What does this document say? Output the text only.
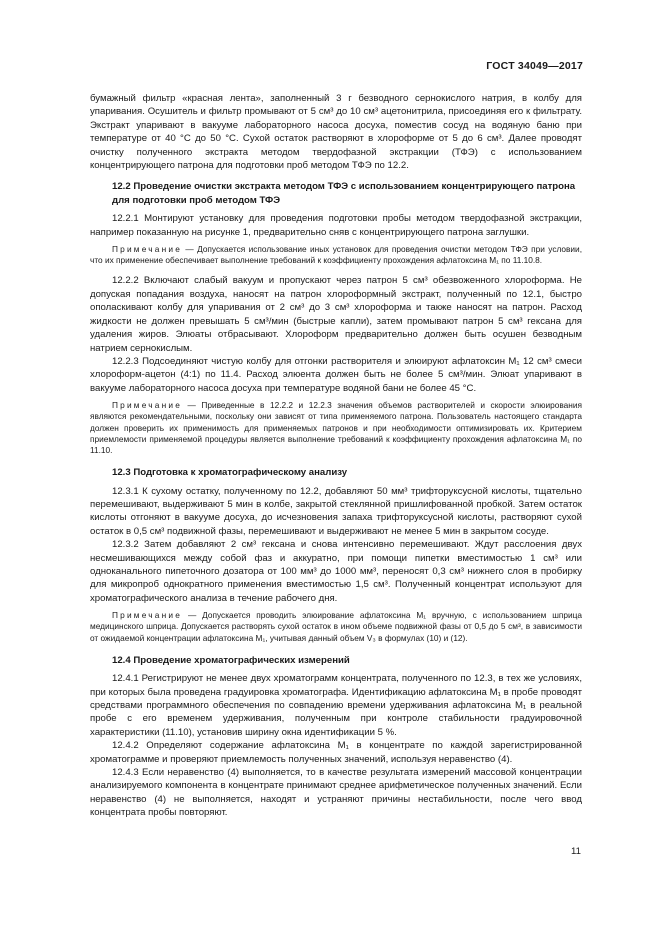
ГОСТ 34049—2017

бумажный фильтр «красная лента», заполненный 3 г безводного сернокислого натрия, в колбу для упаривания. Осушитель и фильтр промывают от 5 см³ до 10 см³ ацетонитрила, присоединяя его к фильтрату. Экстракт упаривают в вакууме лабораторного насоса досуха, поместив сосуд на водяную баню при температуре от 40 °С до 50 °С. Сухой остаток растворяют в хлороформе от 5 до 6 см³. Далее проводят очистку полученного экстракта методом твердофазной экстракции (ТФЭ) с использованием концентрирующего патрона для подготовки проб методом ТФЭ по 12.2.

12.2 Проведение очистки экстракта методом ТФЭ с использованием концентрирующего патрона для подготовки проб методом ТФЭ

12.2.1 Монтируют установку для проведения подготовки пробы методом твердофазной экстракции, например показанную на рисунке 1, предварительно сняв с концентрирующего патрона заглушки.

Примечание — Допускается использование иных установок для проведения очистки методом ТФЭ при условии, что их применение обеспечивает выполнение требований к коэффициенту прохождения афлатоксина M₁ по 11.10.8.

12.2.2 Включают слабый вакуум и пропускают через патрон 5 см³ обезвоженного хлороформа. Не допуская попадания воздуха, наносят на патрон хлороформный экстракт, полученный по 12.1, быстро ополаскивают колбу для упаривания от 2 см³ до 3 см³ хлороформа и также наносят на патрон. Расход жидкости не должен превышать 5 см³/мин (быстрые капли), затем промывают патрон 5 см³ гексана для удаления жиров. Элюаты отбрасывают. Хлороформ предварительно должен быть осушен безводным натрием сернокислым.

12.2.3 Подсоединяют чистую колбу для отгонки растворителя и элюируют афлатоксин M₁ 12 см³ смеси хлороформ-ацетон (4:1) по 11.4. Расход элюента должен быть не более 5 см³/мин. Элюат упаривают в вакууме лабораторного насоса досуха при температуре водяной бани не более 45 °С.

Примечание — Приведенные в 12.2.2 и 12.2.3 значения объемов растворителей и скорости элюирования являются рекомендательными, поскольку они зависят от типа применяемого патрона. Пользователь настоящего стандарта должен проверить их применимость для применяемых патронов и при необходимости оптимизировать их. Критерием приемлемости применяемой процедуры является выполнение требований к коэффициенту прохождения афлатоксина M₁ по 11.10.

12.3 Подготовка к хроматографическому анализу

12.3.1 К сухому остатку, полученному по 12.2, добавляют 50 мм³ трифторуксусной кислоты, тщательно перемешивают, выдерживают 5 мин в колбе, закрытой стеклянной пришлифованной пробкой. Затем остаток кислоты отгоняют в вакууме досуха, до исчезновения запаха трифторуксусной кислоты, растворяют сухой остаток в 0,5 см³ подвижной фазы, перемешивают и выдерживают не менее 5 мин в закрытом сосуде.

12.3.2 Затем добавляют 2 см³ гексана и снова интенсивно перемешивают. Ждут расслоения двух несмешивающихся между собой фаз и аккуратно, при помощи пипетки вместимостью 1 см³ или одноканального пипеточного дозатора от 100 мм³ до 1000 мм³, переносят 0,3 см³ нижнего слоя в пробирку для микропроб однократного применения вместимостью 1,5 см³. Полученный концентрат используют для хроматографического анализа в течение рабочего дня.

Примечание — Допускается проводить элюирование афлатоксина M₁ вручную, с использованием шприца медицинского шприца. Допускается растворять сухой остаток в ином объеме подвижной фазы от 0,5 до 5 см³, в зависимости от ожидаемой концентрации афлатоксина M₁, учитывая данный объем V₃ в формулах (10) и (12).

12.4 Проведение хроматографических измерений

12.4.1 Регистрируют не менее двух хроматограмм концентрата, полученного по 12.3, в тех же условиях, при которых была проведена градуировка хроматографа. Идентификацию афлатоксина M₁ в пробе проводят средствами программного обеспечения по совпадению времени удерживания афлатоксина M₁ в реальной пробе с его временем удерживания, полученным при контроле стабильности градуировочной характеристики (11.10), установив ширину окна идентификации 5 %.

12.4.2 Определяют содержание афлатоксина M₁ в концентрате по каждой зарегистрированной хроматограмме и проверяют приемлемость полученных значений, используя неравенство (4).

12.4.3 Если неравенство (4) выполняется, то в качестве результата измерений массовой концентрации анализируемого компонента в концентрате принимают среднее арифметическое полученных значений. Если неравенство (4) не выполняется, находят и устраняют причины нестабильности, после чего ввод концентрата пробы повторяют.

11
